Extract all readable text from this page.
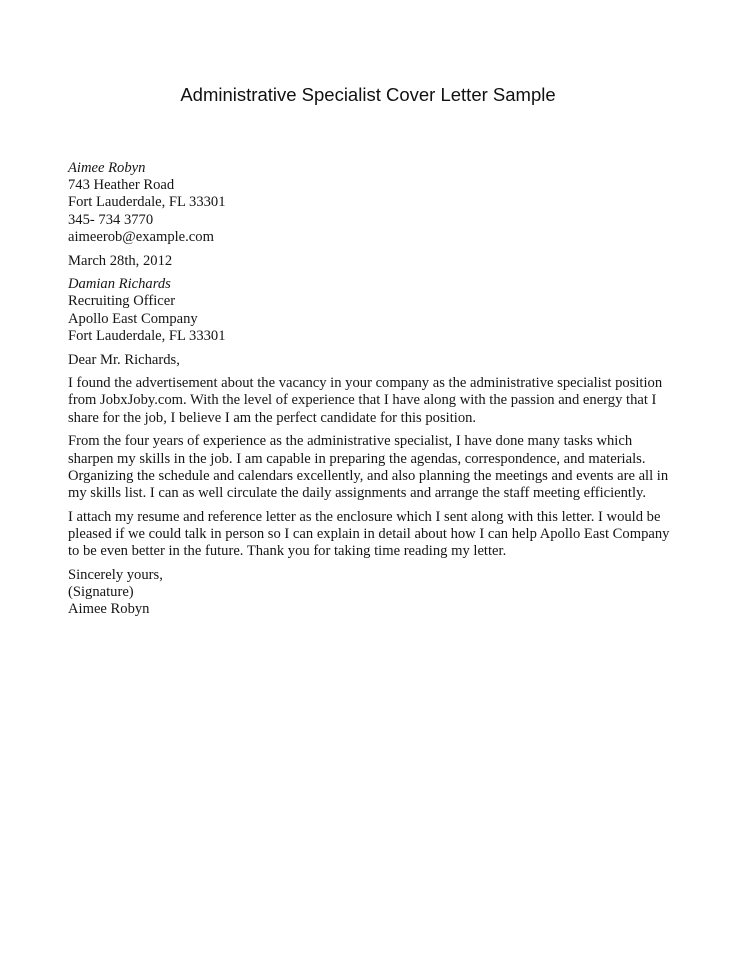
Administrative Specialist Cover Letter Sample
Aimee Robyn
743 Heather Road
Fort Lauderdale, FL 33301
345- 734 3770
aimeerob@example.com
March 28th, 2012
Damian Richards
Recruiting Officer
Apollo East Company
Fort Lauderdale, FL 33301
Dear Mr. Richards,
I found the advertisement about the vacancy in your company as the administrative specialist position
from JobxJoby.com. With the level of experience that I have along with the passion and energy that I
share for the job, I believe I am the perfect candidate for this position.
From the four years of experience as the administrative specialist, I have done many tasks which
sharpen my skills in the job. I am capable in preparing the agendas, correspondence, and materials.
Organizing the schedule and calendars excellently, and also planning the meetings and events are all in
my skills list. I can as well circulate the daily assignments and arrange the staff meeting efficiently.
I attach my resume and reference letter as the enclosure which I sent along with this letter. I would be
pleased if we could talk in person so I can explain in detail about how I can help Apollo East Company
to be even better in the future. Thank you for taking time reading my letter.
Sincerely yours,
(Signature)
Aimee Robyn
